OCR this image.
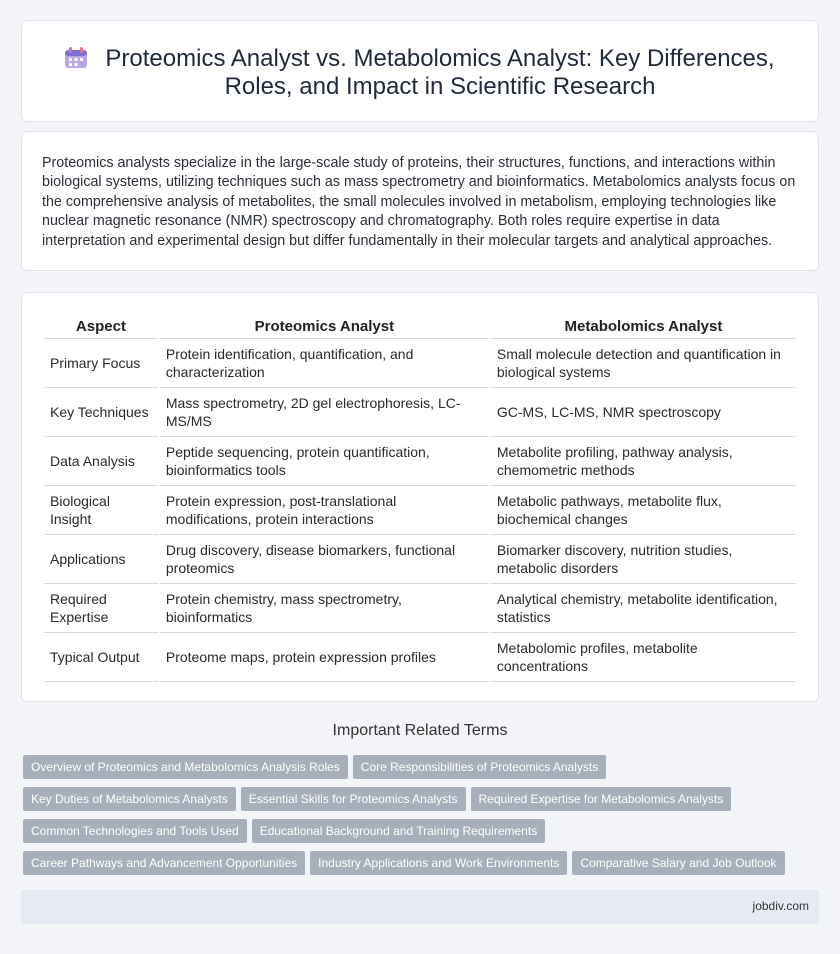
Proteomics Analyst vs. Metabolomics Analyst: Key Differences,
Roles, and Impact in Scientific Research

Proteomics analysts specialize in the large-scale study of proteins, their structures, functions, and interactions within biological systems, utilizing techniques such as mass spectrometry and bioinformatics. Metabolomics analysts focus on the comprehensive analysis of metabolites, the small molecules involved in metabolism, employing technologies like nuclear magnetic resonance (NMR) spectroscopy and chromatography. Both roles require expertise in data interpretation and experimental design but differ fundamentally in their molecular targets and analytical approaches.

Aspect	Proteomics Analyst	Metabolomics Analyst
Primary Focus	Protein identification, quantification, and characterization	Small molecule detection and quantification in biological systems
Key Techniques	Mass spectrometry, 2D gel electrophoresis, LC-MS/MS	GC-MS, LC-MS, NMR spectroscopy
Data Analysis	Peptide sequencing, protein quantification, bioinformatics tools	Metabolite profiling, pathway analysis, chemometric methods
Biological Insight	Protein expression, post-translational modifications, protein interactions	Metabolic pathways, metabolite flux, biochemical changes
Applications	Drug discovery, disease biomarkers, functional proteomics	Biomarker discovery, nutrition studies, metabolic disorders
Required Expertise	Protein chemistry, mass spectrometry, bioinformatics	Analytical chemistry, metabolite identification, statistics
Typical Output	Proteome maps, protein expression profiles	Metabolomic profiles, metabolite concentrations
Important Related Terms
Overview of Proteomics and Metabolomics Analysis Roles Core Responsibilities of Proteomics Analysts
Key Duties of Metabolomics Analysts Essential Skills for Proteomics Analysts Required Expertise for Metabolomics Analysts
Common Technologies and Tools Used Educational Background and Training Requirements
Career Pathways and Advancement Opportunities Industry Applications and Work Environments Comparative Salary and Job Outlook
jobdiv.com
